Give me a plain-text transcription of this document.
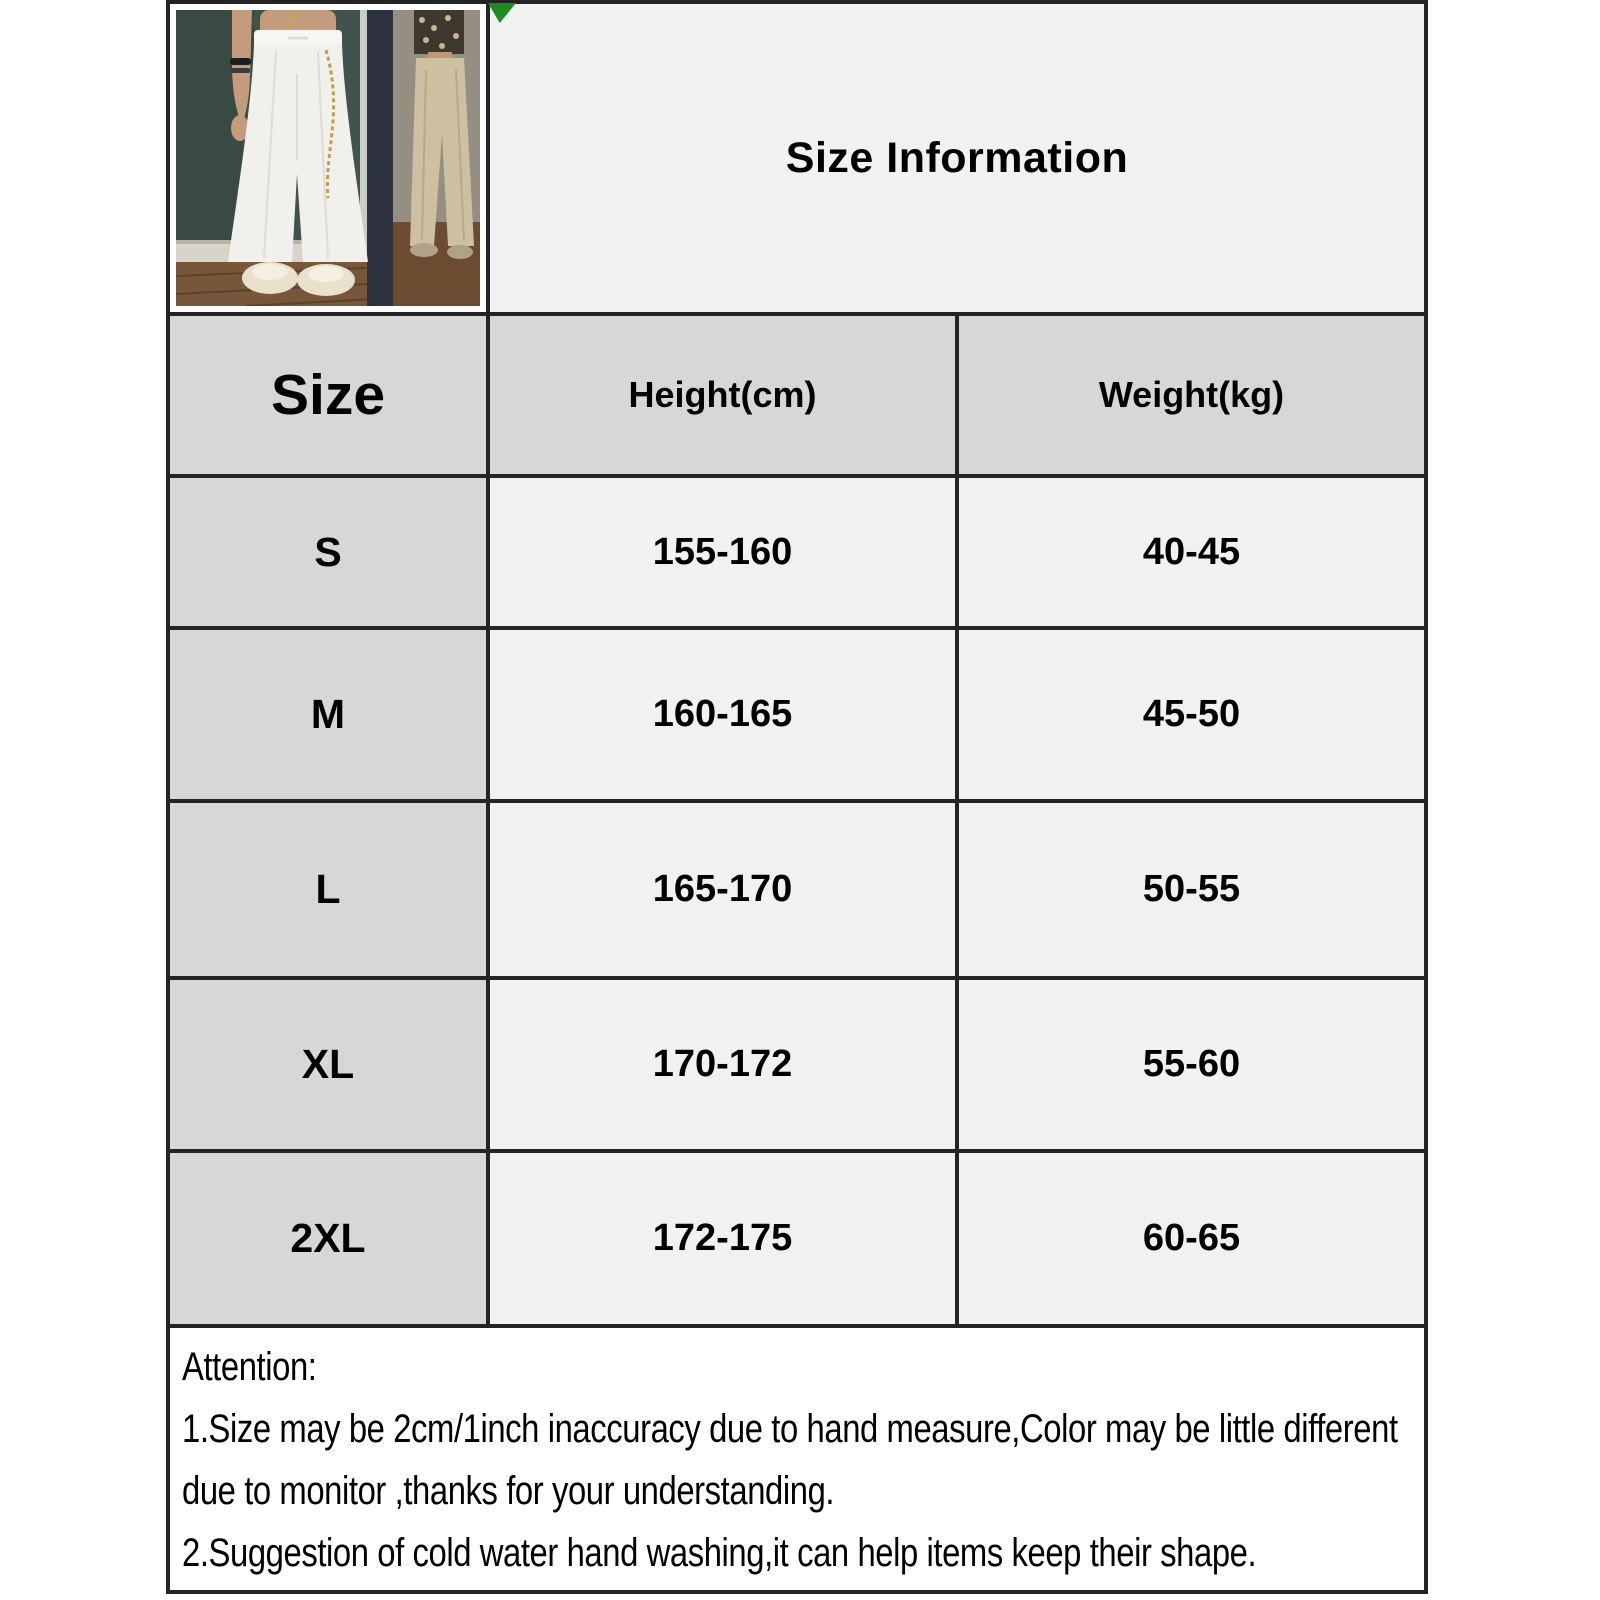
Size Information
Size	Height(cm)	Weight(kg)
S	155-160	40-45
M	160-165	45-50
L	165-170	50-55
XL	170-172	55-60
2XL	172-175	60-65

Attention:

1.Size may be 2cm/1inch inaccuracy due to hand measure,Color may be little different due to monitor ,thanks for your understanding.

2.Suggestion of cold water hand washing,it can help items keep their shape.
